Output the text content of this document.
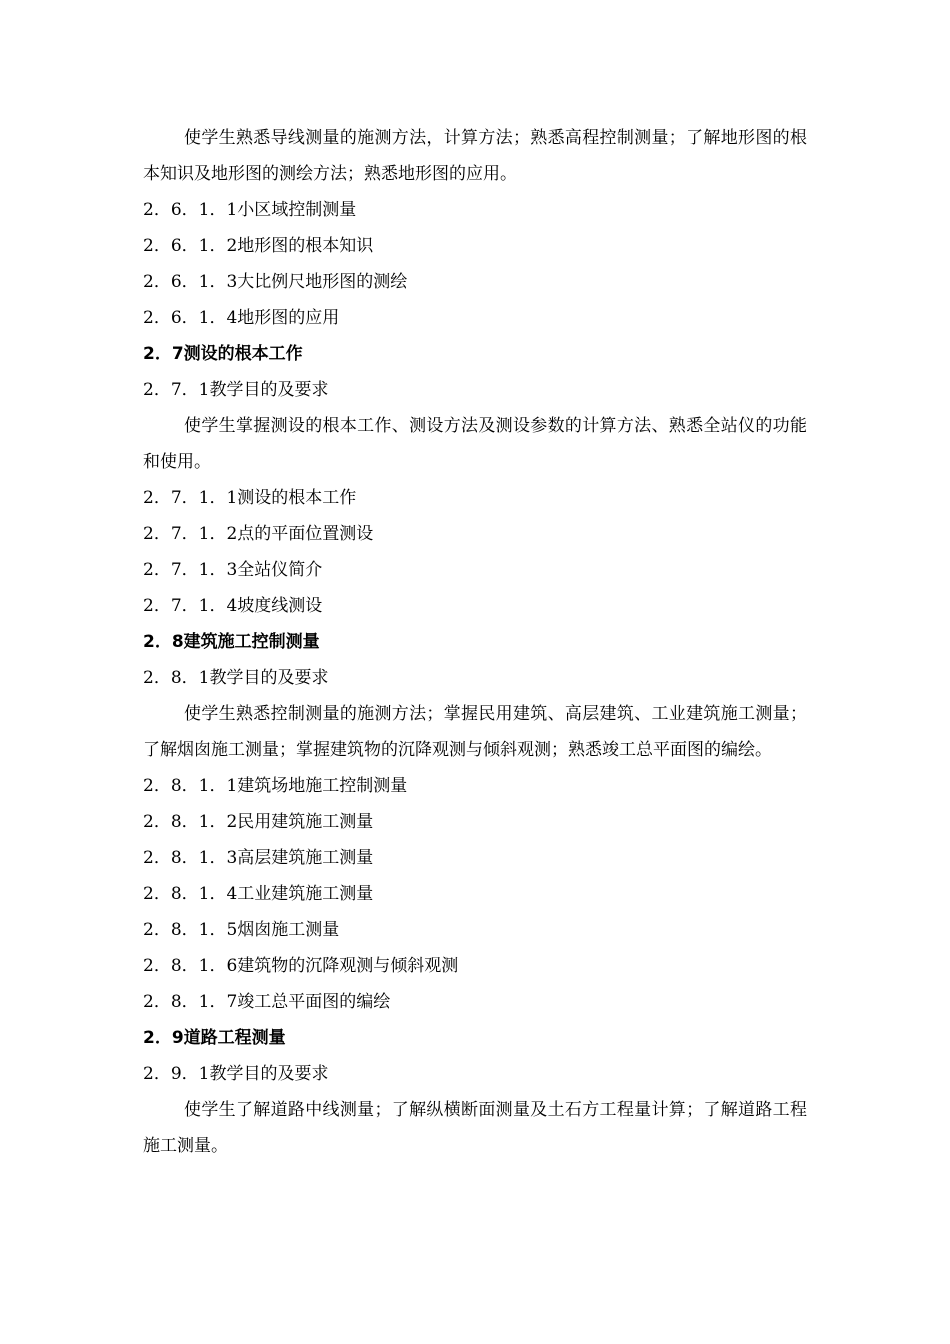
使学生熟悉导线测量的施测方法，计算方法；熟悉高程控制测量；了解地形图的根本知识及地形图的测绘方法；熟悉地形图的应用。

2．6．1．1小区域控制测量
2．6．1．2地形图的根本知识
2．6．1．3大比例尺地形图的测绘
2．6．1．4地形图的应用
2．7测设的根本工作
2．7．1教学目的及要求

使学生掌握测设的根本工作、测设方法及测设参数的计算方法、熟悉全站仪的功能和使用。

2．7．1．1测设的根本工作
2．7．1．2点的平面位置测设
2．7．1．3全站仪简介
2．7．1．4坡度线测设
2．8建筑施工控制测量
2．8．1教学目的及要求

使学生熟悉控制测量的施测方法；掌握民用建筑、高层建筑、工业建筑施工测量；了解烟囱施工测量；掌握建筑物的沉降观测与倾斜观测；熟悉竣工总平面图的编绘。

2．8．1．1建筑场地施工控制测量
2．8．1．2民用建筑施工测量
2．8．1．3高层建筑施工测量
2．8．1．4工业建筑施工测量
2．8．1．5烟囱施工测量
2．8．1．6建筑物的沉降观测与倾斜观测
2．8．1．7竣工总平面图的编绘
2．9道路工程测量
2．9．1教学目的及要求

使学生了解道路中线测量；了解纵横断面测量及土石方工程量计算；了解道路工程施工测量。
